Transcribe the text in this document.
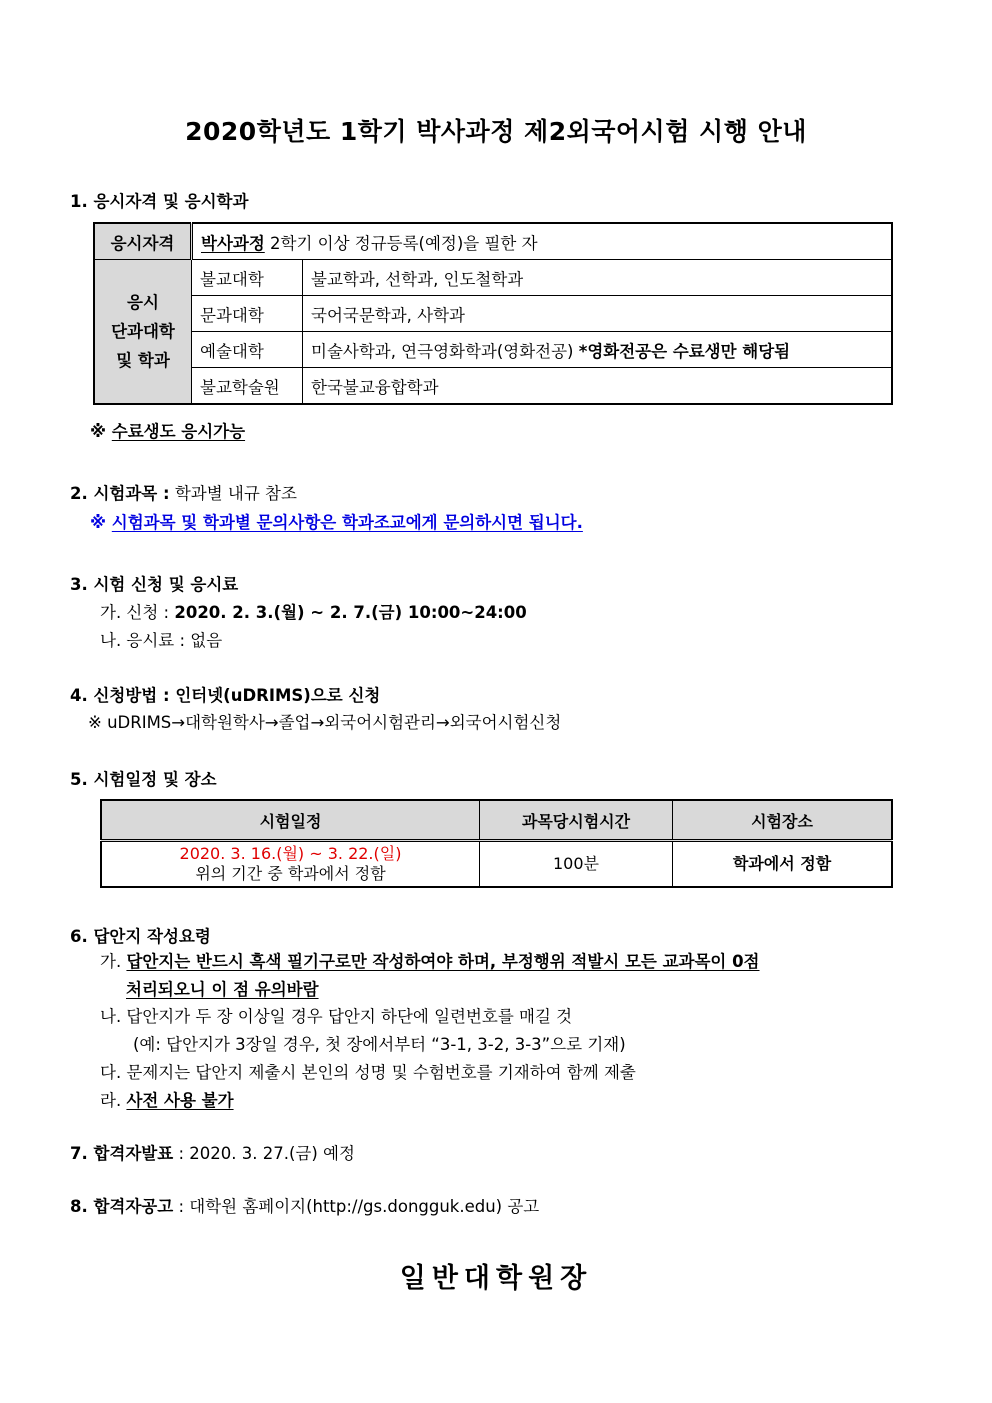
2020학년도 1학기 박사과정 제2외국어시험 시행 안내
1. 응시자격 및 응시학과
응시자격	박사과정 2학기 이상 정규등록(예정)을 필한 자	

응시
단과대학
및 학과	불교대학	불교학과, 선학과, 인도철학과
	문과대학	국어국문학과, 사학과
	예술대학	미술사학과, 연극영화학과(영화전공) *영화전공은 수료생만 해당됨
	불교학술원	한국불교융합학과
※ 수료생도 응시가능
2. 시험과목 : 학과별 내규 참조
※ 시험과목 및 학과별 문의사항은 학과조교에게 문의하시면 됩니다.
3. 시험 신청 및 응시료
가. 신청 : 2020. 2. 3.(월) ~ 2. 7.(금) 10:00~24:00
나. 응시료 : 없음
4. 신청방법 : 인터넷(uDRIMS)으로 신청
※ uDRIMS→대학원학사→졸업→외국어시험관리→외국어시험신청
5. 시험일정 및 장소
시험일정	과목당시험시간	시험장소

2020. 3. 16.(월) ~ 3. 22.(일)
위의 기간 중 학과에서 정함	100분	학과에서 정함
6. 답안지 작성요령
가. 답안지는 반드시 흑색 필기구로만 작성하여야 하며, 부정행위 적발시 모든 교과목이 0점
처리되오니 이 점 유의바람
나. 답안지가 두 장 이상일 경우 답안지 하단에 일련번호를 매길 것
(예: 답안지가 3장일 경우, 첫 장에서부터 “3-1, 3-2, 3-3”으로 기재)
다. 문제지는 답안지 제출시 본인의 성명 및 수험번호를 기재하여 함께 제출
라. 사전 사용 불가
7. 합격자발표 : 2020. 3. 27.(금) 예정
8. 합격자공고 : 대학원 홈페이지(http://gs.dongguk.edu) 공고
일반대학원장
